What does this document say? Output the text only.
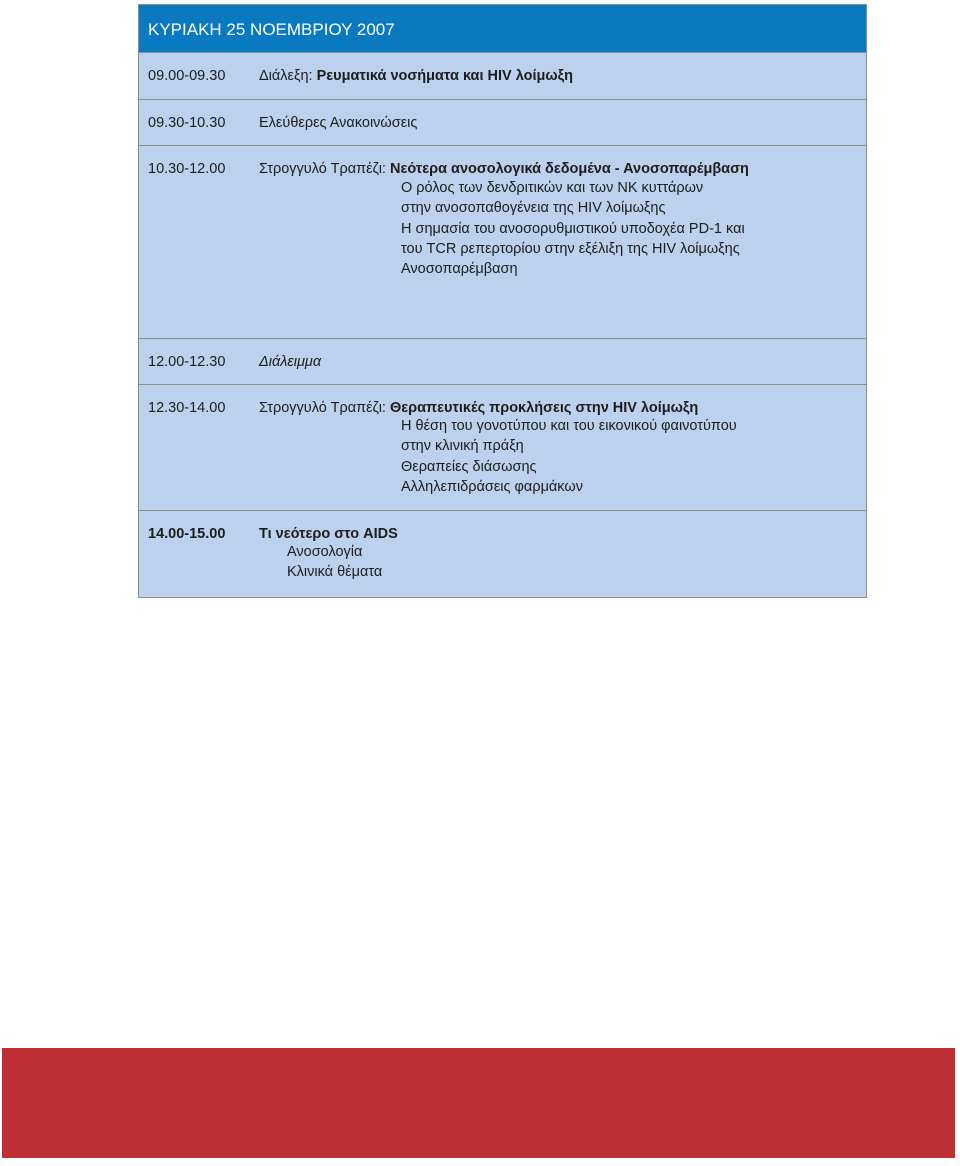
ΚΥΡΙΑΚΗ 25 ΝΟΕΜΒΡΙΟΥ 2007
09.00-09.30 Διάλεξη: Ρευματικά νοσήματα και HIV λοίμωξη
09.30-10.30 Ελεύθερες Ανακοινώσεις
10.30-12.00 Στρογγυλό Τραπέζι: Νεότερα ανοσολογικά δεδομένα - Ανοσοπαρέμβαση
Ο ρόλος των δενδριτικών και των NK κυττάρων
στην ανοσοπαθογένεια της HIV λοίμωξης
Η σημασία του ανοσορυθμιστικού υποδοχέα PD-1 και
του TCR ρεπερτορίου στην εξέλιξη της HIV λοίμωξης
Ανοσοπαρέμβαση
12.00-12.30 Διάλειμμα
12.30-14.00 Στρογγυλό Τραπέζι: Θεραπευτικές προκλήσεις στην HIV λοίμωξη
Η θέση του γονοτύπου και του εικονικού φαινοτύπου
στην κλινική πράξη
Θεραπείες διάσωσης
Αλληλεπιδράσεις φαρμάκων
14.00-15.00 Τι νεότερο στο AIDS
Ανοσολογία
Κλινικά θέματα
